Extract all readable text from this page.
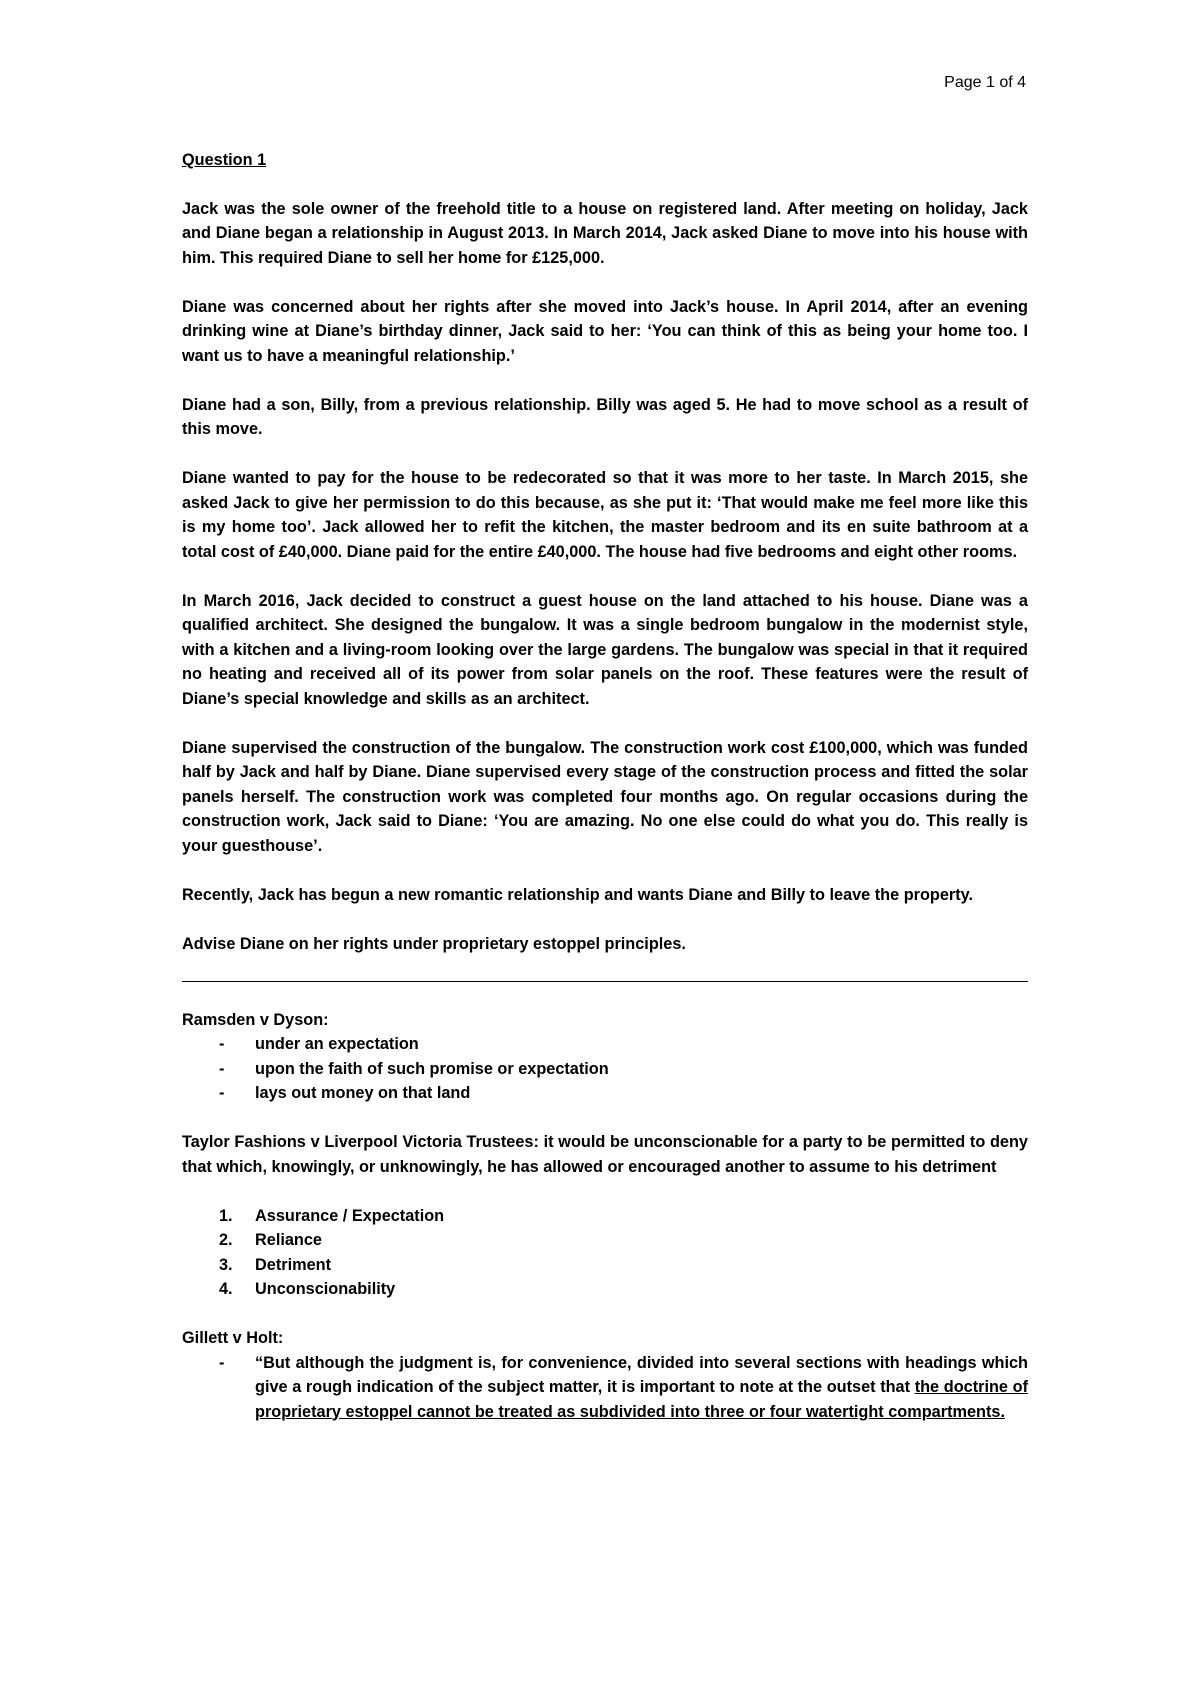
Page 1 of 4
Question 1

Jack was the sole owner of the freehold title to a house on registered land. After meeting on holiday, Jack and Diane began a relationship in August 2013. In March 2014, Jack asked Diane to move into his house with him. This required Diane to sell her home for £125,000.

Diane was concerned about her rights after she moved into Jack’s house. In April 2014, after an evening drinking wine at Diane’s birthday dinner, Jack said to her: ‘You can think of this as being your home too. I want us to have a meaningful relationship.’

Diane had a son, Billy, from a previous relationship. Billy was aged 5. He had to move school as a result of this move.

Diane wanted to pay for the house to be redecorated so that it was more to her taste. In March 2015, she asked Jack to give her permission to do this because, as she put it: ‘That would make me feel more like this is my home too’. Jack allowed her to refit the kitchen, the master bedroom and its en suite bathroom at a total cost of £40,000. Diane paid for the entire £40,000. The house had five bedrooms and eight other rooms.

In March 2016, Jack decided to construct a guest house on the land attached to his house. Diane was a qualified architect. She designed the bungalow. It was a single bedroom bungalow in the modernist style, with a kitchen and a living-room looking over the large gardens. The bungalow was special in that it required no heating and received all of its power from solar panels on the roof. These features were the result of Diane’s special knowledge and skills as an architect.

Diane supervised the construction of the bungalow. The construction work cost £100,000, which was funded half by Jack and half by Diane. Diane supervised every stage of the construction process and fitted the solar panels herself. The construction work was completed four months ago. On regular occasions during the construction work, Jack said to Diane: ‘You are amazing. No one else could do what you do. This really is your guesthouse’.

Recently, Jack has begun a new romantic relationship and wants Diane and Billy to leave the property.

Advise Diane on her rights under proprietary estoppel principles.

Ramsden v Dyson:
- under an expectation
- upon the faith of such promise or expectation
- lays out money on that land

Taylor Fashions v Liverpool Victoria Trustees: it would be unconscionable for a party to be permitted to deny that which, knowingly, or unknowingly, he has allowed or encouraged another to assume to his detriment

1. Assurance / Expectation
2. Reliance
3. Detriment
4. Unconscionability
Gillett v Holt:
- “But although the judgment is, for convenience, divided into several sections with headings which give a rough indication of the subject matter, it is important to note at the outset that the doctrine of proprietary estoppel cannot be treated as subdivided into three or four watertight compartments.
